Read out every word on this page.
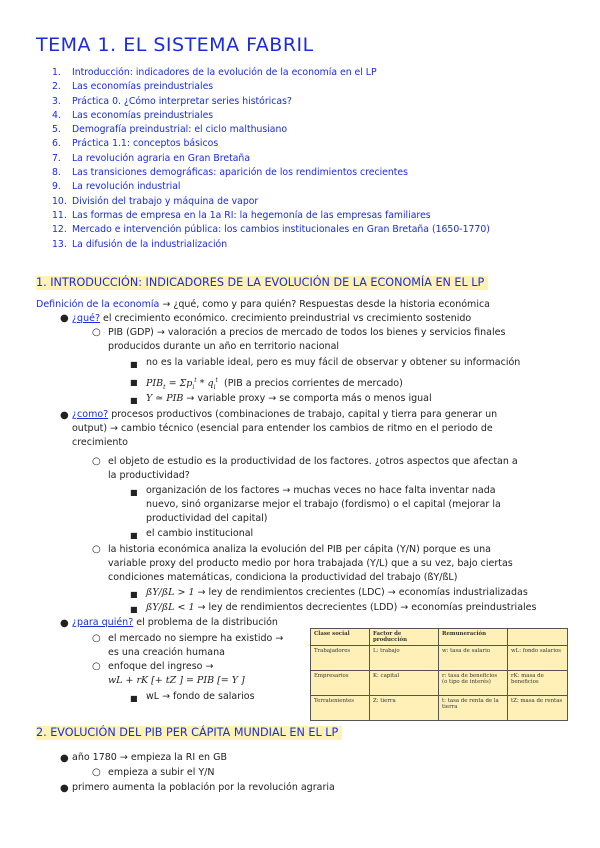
TEMA 1. EL SISTEMA FABRIL
1. Introducción: indicadores de la evolución de la economía en el LP
2. Las economías preindustriales
3. Práctica 0. ¿Cómo interpretar series históricas?
4. Las economías preindustriales
5. Demografía preindustrial: el ciclo malthusiano
6. Práctica 1.1: conceptos básicos
7. La revolución agraria en Gran Bretaña
8. Las transiciones demográficas: aparición de los rendimientos crecientes
9. La revolución industrial
10. División del trabajo y máquina de vapor
11. Las formas de empresa en la 1a RI: la hegemonía de las empresas familiares
12. Mercado e intervención pública: los cambios institucionales en Gran Bretaña (1650-1770)
13. La difusión de la industrialización
1. INTRODUCCIÓN: INDICADORES DE LA EVOLUCIÓN DE LA ECONOMÍA EN EL LP
Definición de la economía → ¿qué, como y para quién? Respuestas desde la historia económica
● ¿qué? el crecimiento económico. crecimiento preindustrial vs crecimiento sostenido
○ PIB (GDP) → valoración a precios de mercado de todos los bienes y servicios finales
producidos durante un año en territorio nacional
■ no es la variable ideal, pero es muy fácil de observar y obtener su información
■ $PIB_t = \Sigma p_i^t * q_i^t$ (PIB a precios corrientes de mercado)
■ Y ≃ PIB → variable proxy → se comporta más o menos igual
● ¿como? procesos productivos (combinaciones de trabajo, capital y tierra para generar un
output) → cambio técnico (esencial para entender los cambios de ritmo en el periodo de
crecimiento
○ el objeto de estudio es la productividad de los factores. ¿otros aspectos que afectan a
la productividad?
■ organización de los factores → muchas veces no hace falta inventar nada
nuevo, sinó organizarse mejor el trabajo (fordismo) o el capital (mejorar la
productividad del capital)
■ el cambio institucional
○ la historia económica analiza la evolución del PIB per cápita (Y/N) porque es una
variable proxy del producto medio por hora trabajada (Y/L) que a su vez, bajo ciertas
condiciones matemáticas, condiciona la productividad del trabajo (ßY/ßL)
■ ßY/ßL > 1 → ley de rendimientos crecientes (LDC) → economías industrializadas
■ ßY/ßL < 1 → ley de rendimientos decrecientes (LDD) → economías preindustriales
● ¿para quién? el problema de la distribución
○ el mercado no siempre ha existido →
es una creación humana
○ enfoque del ingreso →
wL + rK [+ tZ ] = PIB [= Y ]
■ wL → fondo de salarios
Clase social	Factor de producción	Remuneración	
Trabajadores	L: trabajo	w: tasa de salario	wL: fondo salarios
Empresarios	K: capital	r: tasa de beneficios (o tipo de interés)	rK: masa de beneficios
Terratenientes	Z: tierra	t: tasa de renta de la tierra	tZ: masa de rentas
2. EVOLUCIÓN DEL PIB PER CÁPITA MUNDIAL EN EL LP
● año 1780 → empieza la RI en GB
○ empieza a subir el Y/N
● primero aumenta la población por la revolución agraria
